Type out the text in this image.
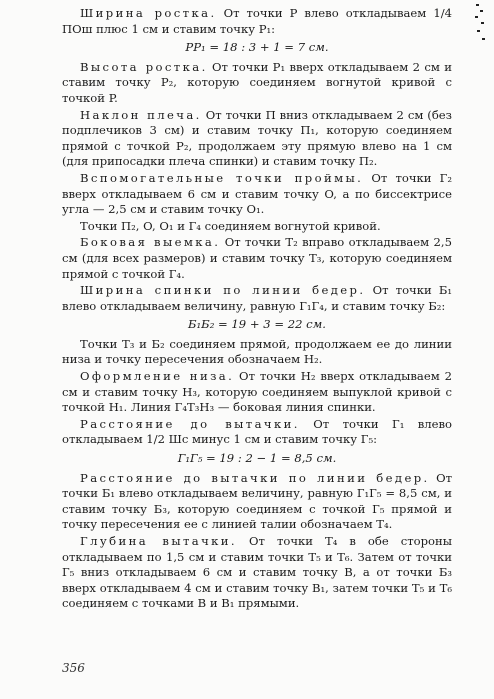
Ширина ростка. От точки P влево откладываем 1/4 ПОш плюс 1 см и ставим точку P₁:

PP₁ = 18 : 3 + 1 = 7 см.

Высота ростка. От точки P₁ вверх откладываем 2 см и ставим точку P₂, которую соединяем вогнутой кривой с точкой P.

Наклон плеча. От точки П вниз откладываем 2 см (без подплечиков 3 см) и ставим точку П₁, которую соединяем прямой с точкой P₂, продолжаем эту прямую влево на 1 см (для припосадки плеча спинки) и ставим точку П₂.

Вспомогательные точки проймы. От точки Г₂ вверх откладываем 6 см и ставим точку O, а по биссектрисе угла — 2,5 см и ставим точку O₁.

Точки П₂, O, O₁ и Г₄ соединяем вогнутой кривой.

Боковая выемка. От точки T₂ вправо откладываем 2,5 см (для всех размеров) и ставим точку T₃, которую соединяем прямой с точкой Г₄.

Ширина спинки по линии бедер. От точки Б₁ влево откладываем величину, равную Г₁Г₄, и ставим точку Б₂:

Б₁Б₂ = 19 + 3 = 22 см.

Точки T₃ и Б₂ соединяем прямой, продолжаем ее до линии низа и точку пересечения обозначаем H₂.

Оформление низа. От точки H₂ вверх откладываем 2 см и ставим точку H₃, которую соединяем выпуклой кривой с точкой H₁. Линия Г₄T₃H₃ — боковая линия спинки.

Расстояние до вытачки. От точки Г₁ влево откладываем 1/2 Шс минус 1 см и ставим точку Г₅:

Г₁Г₅ = 19 : 2 − 1 = 8,5 см.

Расстояние до вытачки по линии бедер. От точки Б₁ влево откладываем величину, равную Г₁Г₅ = 8,5 см, и ставим точку Б₃, которую соединяем с точкой Г₅ прямой и точку пересечения ее с линией талии обозначаем T₄.

Глубина вытачки. От точки T₄ в обе стороны откладываем по 1,5 см и ставим точки T₅ и T₆. Затем от точки Г₅ вниз откладываем 6 см и ставим точку B, а от точки Б₃ вверх откладываем 4 см и ставим точку B₁, затем точки T₅ и T₆ соединяем с точками B и B₁ прямыми.

356
